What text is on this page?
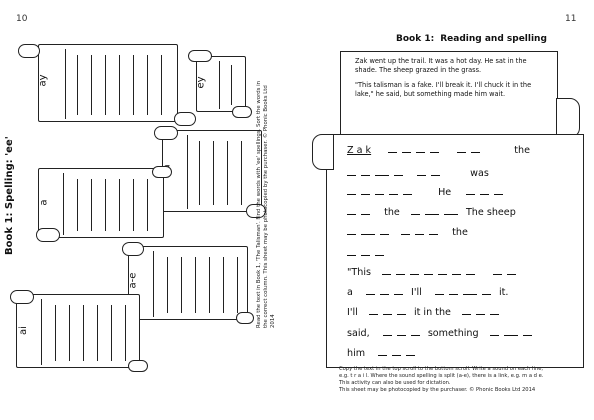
10	11
Book 1: Spelling: 'ee'
ay	ey
a
a-e
ai
Read the text in Book 1, 'The Talisman'. Find the words with 'ee' spellings. Sort the words in the correct column. This sheet may be photocopied by the purchaser. © Phonic Books Ltd 2014
Book 1: Reading and spelling

Zak went up the trail. It was a hot day. He sat in the shade. The sheep grazed in the grass.

"This talisman is a fake. I'll break it. I'll chuck it in the lake," he said, but something made him wait.

Z a k	the
was
He
the	The sheep
the
"This
a	I'll	it.
I'll	it in the
said,	something
him
Copy the text in the top scroll to the bottom scroll. Write a sound on each line,
e.g. t r a i l. Where the sound spelling is split (a-e), there is a link, e.g. m a d e.
This activity can also be used for dictation.
This sheet may be photocopied by the purchaser. © Phonic Books Ltd 2014
